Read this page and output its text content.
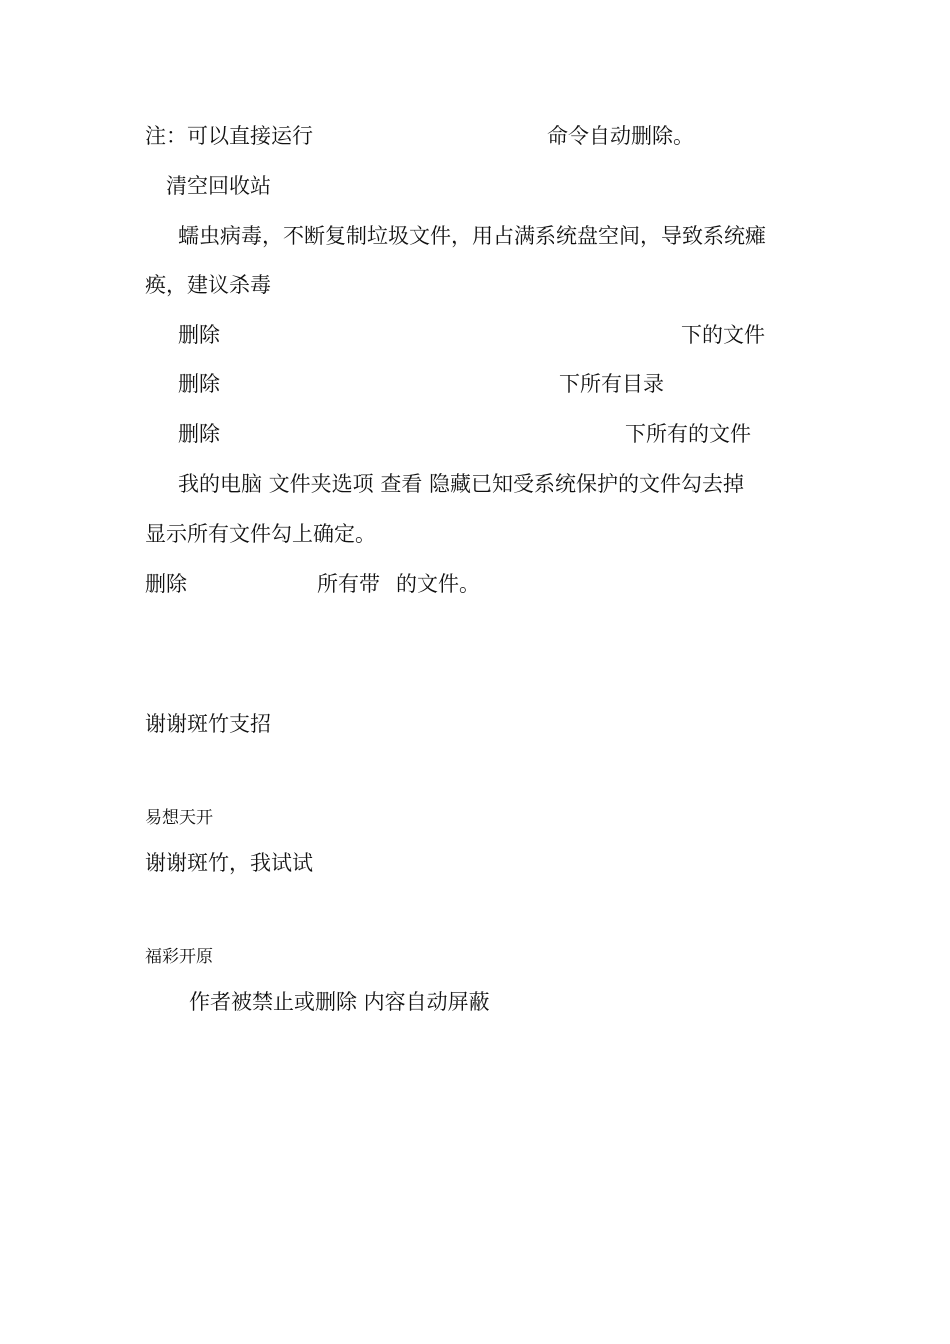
注：可以直接运行	命令自动删除。
清空回收站
蠕虫病毒，不断复制垃圾文件，用占满系统盘空间，导致系统瘫
痪，建议杀毒
删除	下的文件
删除	下所有目录
删除	下所有的文件
我的电脑 文件夹选项 查看 隐藏已知受系统保护的文件勾去掉
显示所有文件勾上确定。
删除	所有带 的文件。
谢谢斑竹支招
易想天开
谢谢斑竹，我试试
福彩开原
作者被禁止或删除 内容自动屏蔽
